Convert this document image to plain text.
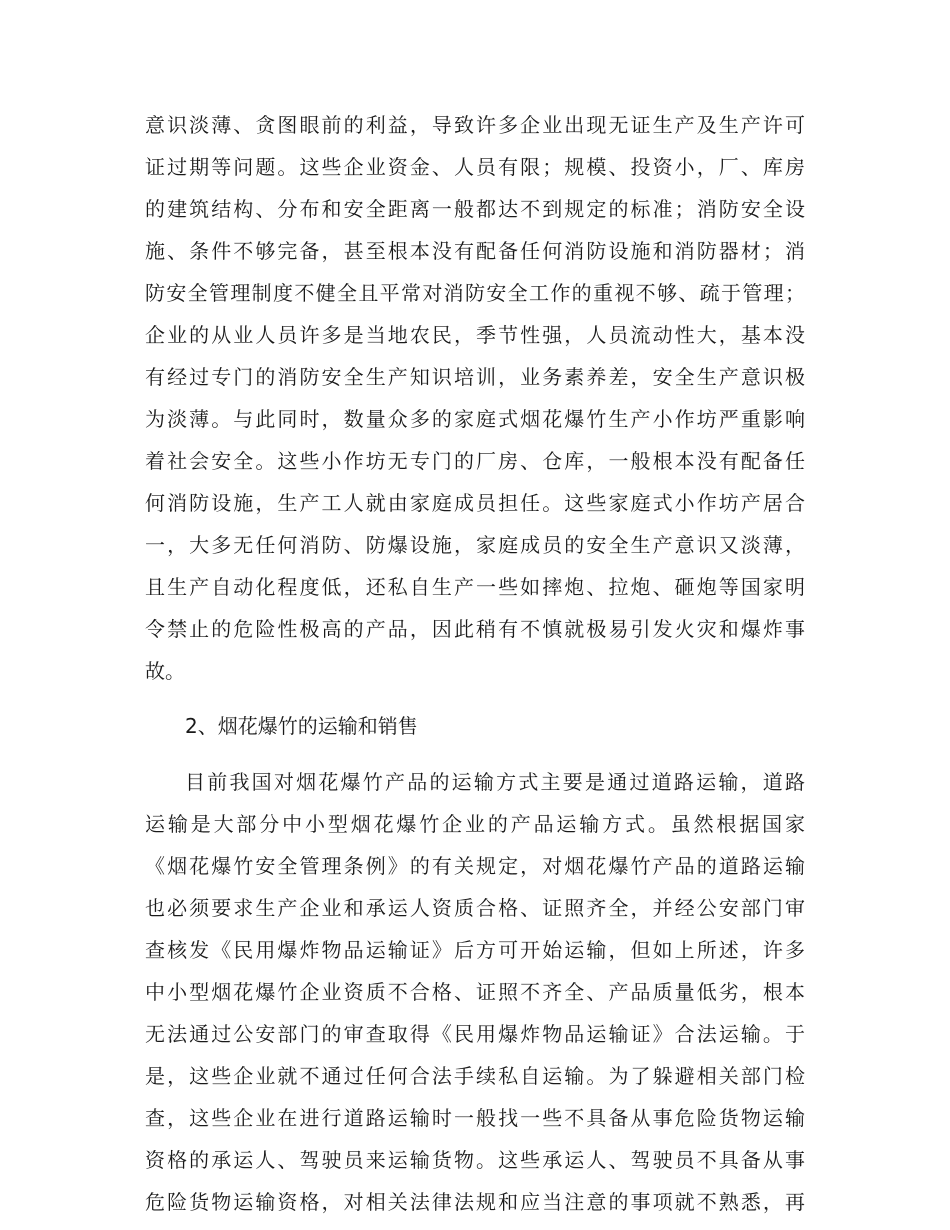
意识淡薄、贪图眼前的利益，导致许多企业出现无证生产及生产许可
证过期等问题。这些企业资金、人员有限；规模、投资小，厂、库房
的建筑结构、分布和安全距离一般都达不到规定的标准；消防安全设
施、条件不够完备，甚至根本没有配备任何消防设施和消防器材；消
防安全管理制度不健全且平常对消防安全工作的重视不够、疏于管理；
企业的从业人员许多是当地农民，季节性强，人员流动性大，基本没
有经过专门的消防安全生产知识培训，业务素养差，安全生产意识极
为淡薄。与此同时，数量众多的家庭式烟花爆竹生产小作坊严重影响
着社会安全。这些小作坊无专门的厂房、仓库，一般根本没有配备任
何消防设施，生产工人就由家庭成员担任。这些家庭式小作坊产居合
一，大多无任何消防、防爆设施，家庭成员的安全生产意识又淡薄，
且生产自动化程度低，还私自生产一些如摔炮、拉炮、砸炮等国家明
令禁止的危险性极高的产品，因此稍有不慎就极易引发火灾和爆炸事
故。
2、烟花爆竹的运输和销售
目前我国对烟花爆竹产品的运输方式主要是通过道路运输，道路
运输是大部分中小型烟花爆竹企业的产品运输方式。虽然根据国家
《烟花爆竹安全管理条例》的有关规定，对烟花爆竹产品的道路运输
也必须要求生产企业和承运人资质合格、证照齐全，并经公安部门审
查核发《民用爆炸物品运输证》后方可开始运输，但如上所述，许多
中小型烟花爆竹企业资质不合格、证照不齐全、产品质量低劣，根本
无法通过公安部门的审查取得《民用爆炸物品运输证》合法运输。于
是，这些企业就不通过任何合法手续私自运输。为了躲避相关部门检
查，这些企业在进行道路运输时一般找一些不具备从事危险货物运输
资格的承运人、驾驶员来运输货物。这些承运人、驾驶员不具备从事
危险货物运输资格，对相关法律法规和应当注意的事项就不熟悉，再
